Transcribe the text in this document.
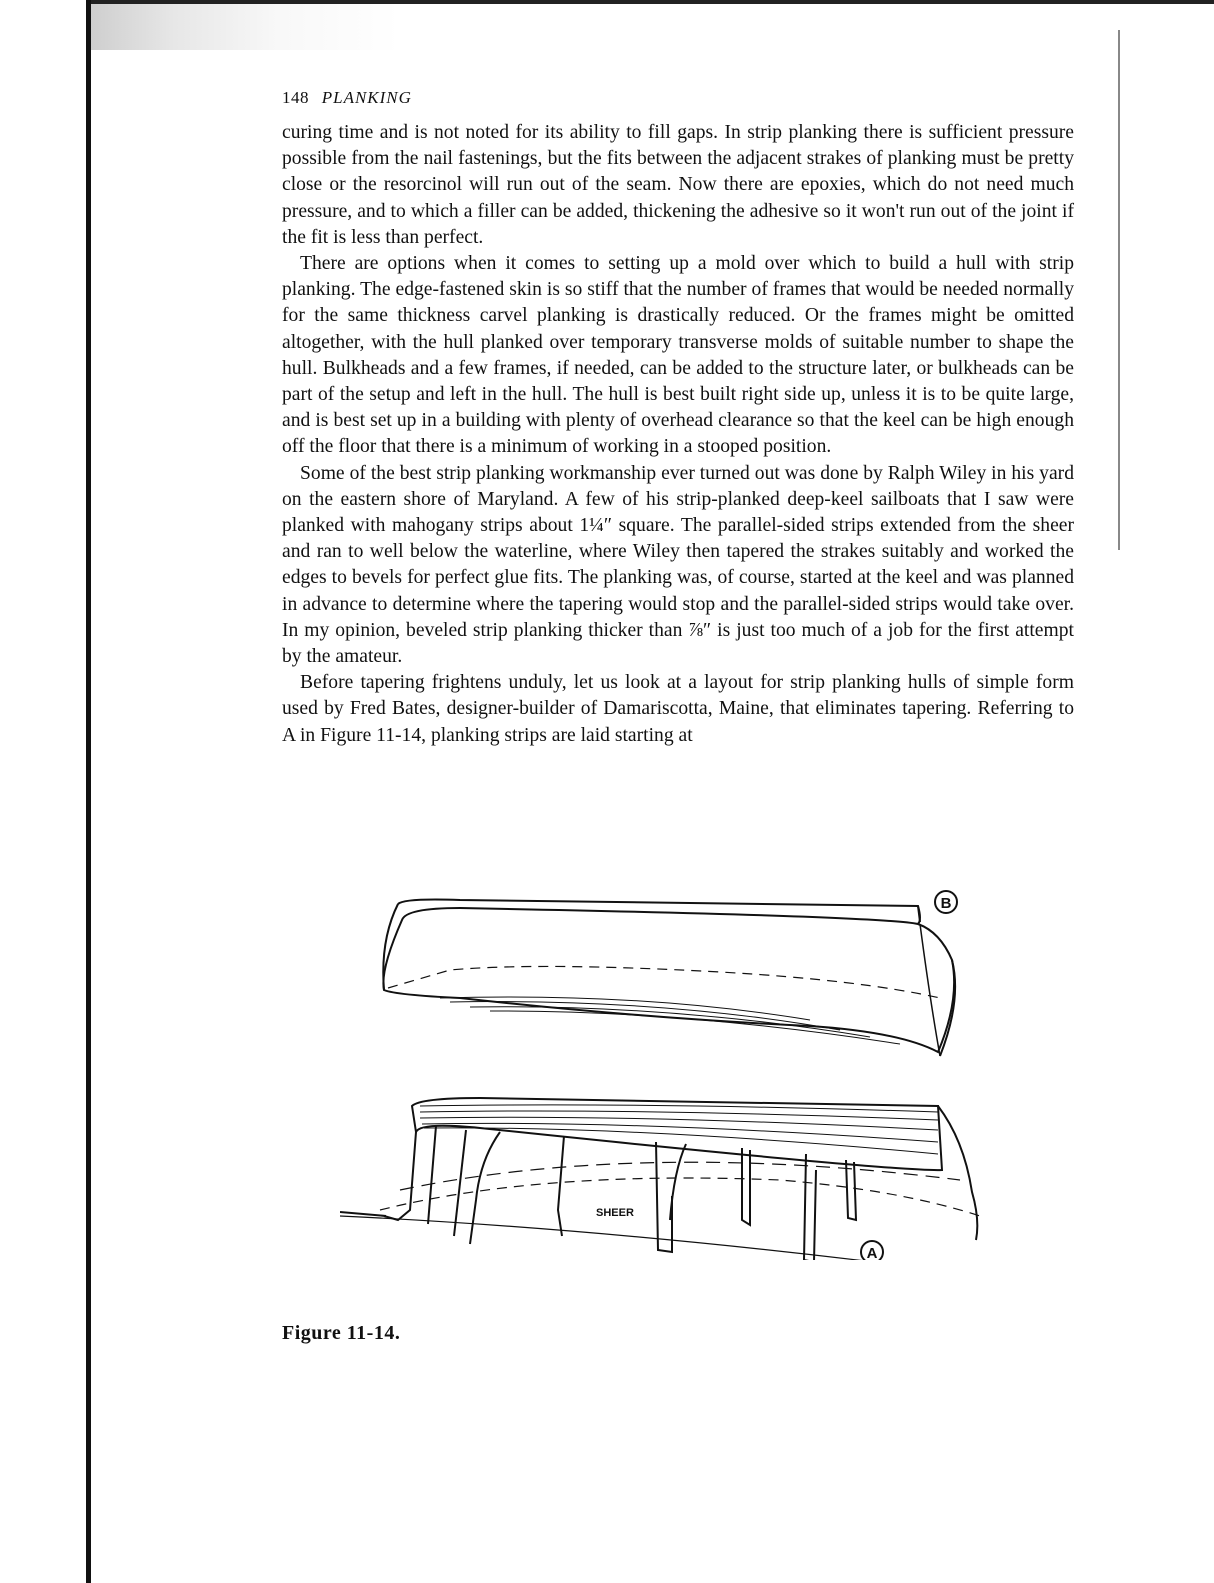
148 PLANKING

curing time and is not noted for its ability to fill gaps. In strip planking there is sufficient pressure possible from the nail fastenings, but the fits between the adjacent strakes of planking must be pretty close or the resorcinol will run out of the seam. Now there are epoxies, which do not need much pressure, and to which a filler can be added, thickening the adhesive so it won't run out of the joint if the fit is less than perfect.

There are options when it comes to setting up a mold over which to build a hull with strip planking. The edge-fastened skin is so stiff that the number of frames that would be needed normally for the same thickness carvel planking is drastically reduced. Or the frames might be omitted altogether, with the hull planked over temporary transverse molds of suitable number to shape the hull. Bulkheads and a few frames, if needed, can be added to the structure later, or bulkheads can be part of the setup and left in the hull. The hull is best built right side up, unless it is to be quite large, and is best set up in a building with plenty of overhead clearance so that the keel can be high enough off the floor that there is a minimum of working in a stooped position.

Some of the best strip planking workmanship ever turned out was done by Ralph Wiley in his yard on the eastern shore of Maryland. A few of his strip-planked deep-keel sailboats that I saw were planked with mahogany strips about 1¼″ square. The parallel-sided strips extended from the sheer and ran to well below the waterline, where Wiley then tapered the strakes suitably and worked the edges to bevels for perfect glue fits. The planking was, of course, started at the keel and was planned in advance to determine where the tapering would stop and the parallel-sided strips would take over. In my opinion, beveled strip planking thicker than ⅞″ is just too much of a job for the first attempt by the amateur.

Before tapering frightens unduly, let us look at a layout for strip planking hulls of simple form used by Fred Bates, designer-builder of Damariscotta, Maine, that eliminates tapering. Referring to A in Figure 11-14, planking strips are laid starting at

B
SHEER
A
Figure 11-14.
